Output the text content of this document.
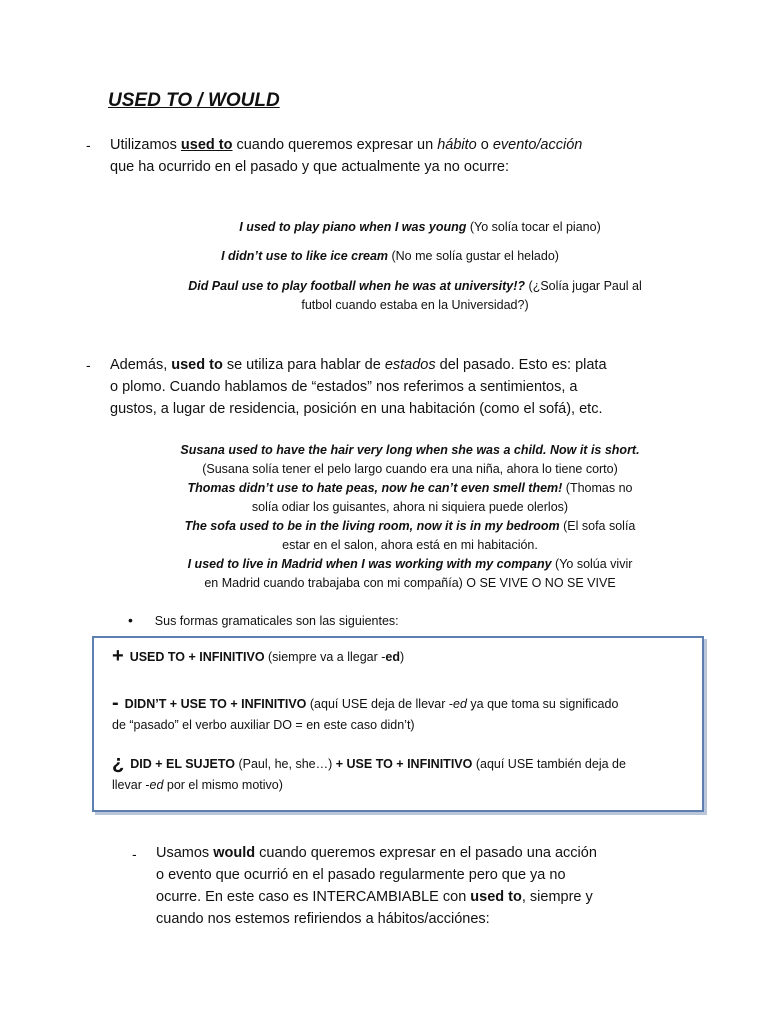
USED TO / WOULD
- Utilizamos used to cuando queremos expresar un hábito o evento/acción

que ha ocurrido en el pasado y que actualmente ya no ocurre:

I used to play piano when I was young (Yo solía tocar el piano)

I didn’t use to like ice cream (No me solía gustar el helado)

Did Paul use to play football when he was at university!? (¿Solía jugar Paul al

futbol cuando estaba en la Universidad?)

- Además, used to se utiliza para hablar de estados del pasado. Esto es: plata

o plomo. Cuando hablamos de “estados” nos referimos a sentimientos, a

gustos, a lugar de residencia, posición en una habitación (como el sofá), etc.

Susana used to have the hair very long when she was a child. Now it is short.

(Susana solía tener el pelo largo cuando era una niña, ahora lo tiene corto)

Thomas didn’t use to hate peas, now he can’t even smell them! (Thomas no

solía odiar los guisantes, ahora ni siquiera puede olerlos)

The sofa used to be in the living room, now it is in my bedroom (El sofa solía

estar en el salon, ahora está en mi habitación.

I used to live in Madrid when I was working with my company (Yo solúa vivir

en Madrid cuando trabajaba con mi compañía) O SE VIVE O NO SE VIVE

• Sus formas gramaticales son las siguientes:

+ USED TO + INFINITIVO (siempre va a llegar -ed)

- DIDN’T + USE TO + INFINITIVO (aquí USE deja de llevar -ed ya que toma su significado
de “pasado” el verbo auxiliar DO = en este caso didn’t)

¿ DID + EL SUJETO (Paul, he, she…) + USE TO + INFINITIVO (aquí USE también deja de
llevar -ed por el mismo motivo)

- Usamos would cuando queremos expresar en el pasado una acción

o evento que ocurrió en el pasado regularmente pero que ya no

ocurre. En este caso es INTERCAMBIABLE con used to, siempre y

cuando nos estemos refiriendos a hábitos/acciónes:
